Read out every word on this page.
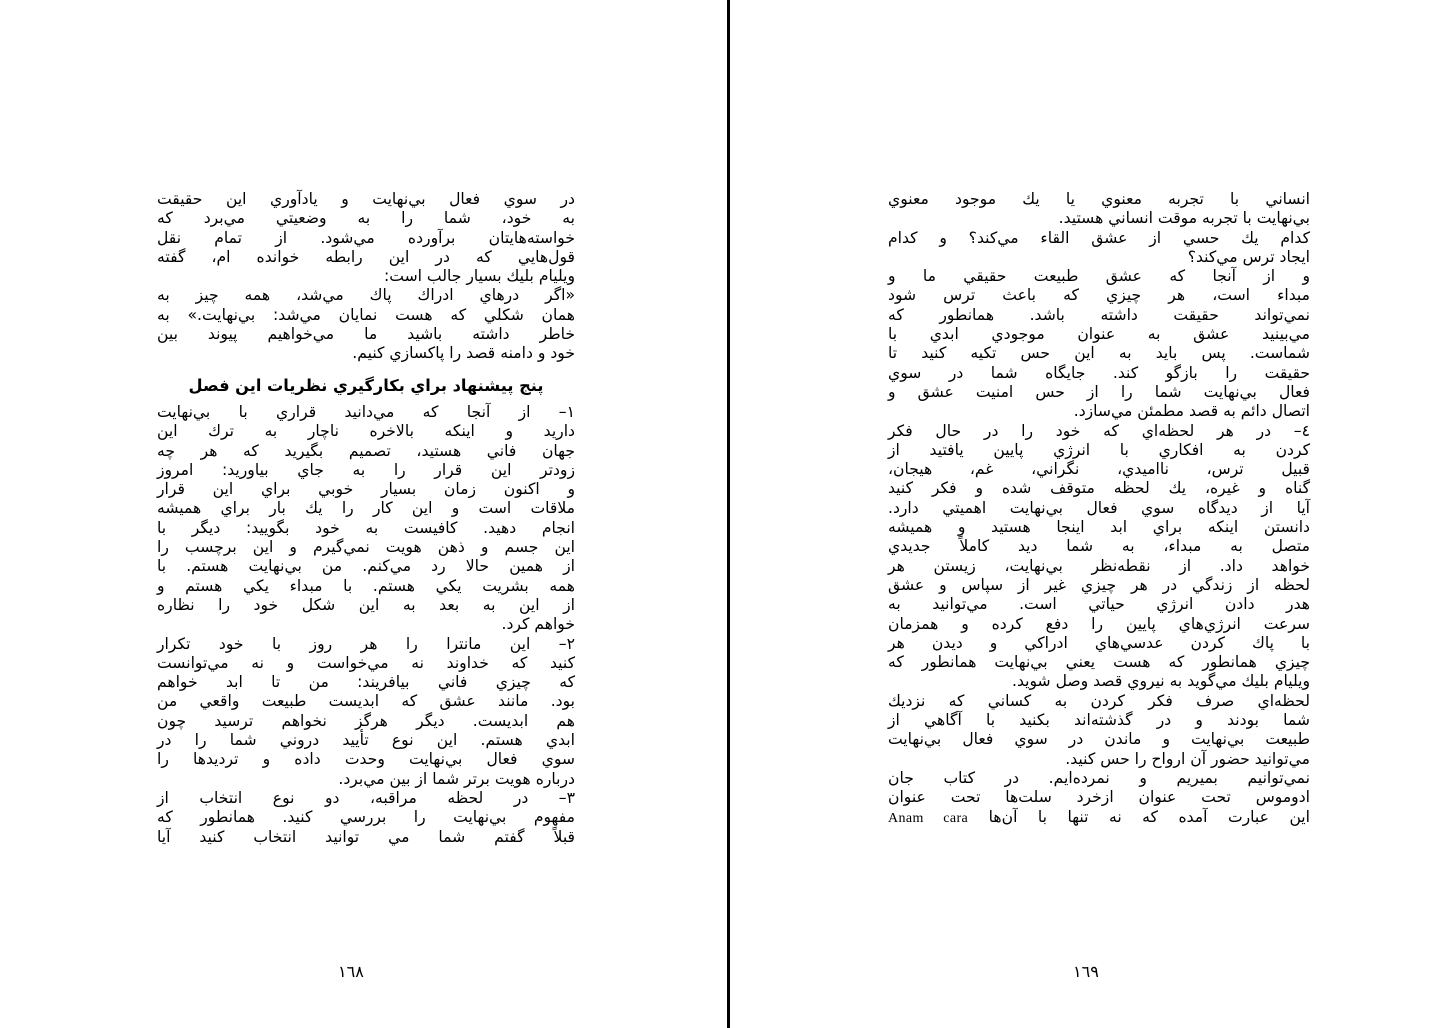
در سوي فعال بي‌نهايت و يادآوري اين حقيقت
به خود، شما را به وضعيتي مي‌برد كه
خواسته‌هايتان برآورده مي‌شود. از تمام نقل
قول‌هايي كه در اين رابطه خوانده ام، گفته
ويليام بليك بسيار جالب است:
«اگر درهاي ادراك پاك مي‌شد، همه چيز به
همان شكلي كه هست نمايان مي‌شد: بي‌نهايت.» به
خاطر داشته باشيد ما مي‌خواهيم پيوند بين
خود و دامنه قصد را پاكسازي كنيم.
پنج پيشنهاد براي بكارگيري نظريات اين فصل
١– از آنجا كه مي‌دانيد قراري با بي‌نهايت
داريد و اينكه بالاخره ناچار به ترك اين
جهان فاني هستيد، تصميم بگيريد كه هر چه
زودتر اين قرار را به جاي بياوريد: امروز
و اكنون زمان بسيار خوبي براي اين قرار
ملاقات است و اين كار را يك بار براي هميشه
انجام دهيد. كافيست به خود بگوييد: ديگر با
اين جسم و ذهن هويت نمي‌گيرم و اين برچسب را
از همين حالا رد مي‌كنم. من بي‌نهايت هستم. با
همه بشريت يكي هستم. با مبداء يكي هستم و
از اين به بعد به اين شكل خود را نظاره
خواهم كرد.
٢– اين مانترا را هر روز با خود تكرار
كنيد كه خداوند نه مي‌خواست و نه مي‌توانست
كه چيزي فاني بيافريند: من تا ابد خواهم
بود. مانند عشق كه ابديست طبيعت واقعي من
هم ابديست. ديگر هرگز نخواهم ترسيد چون
ابدي هستم. اين نوع تأييد دروني شما را در
سوي فعال بي‌نهايت وحدت داده و ترديدها را
درباره هويت برتر شما از بين مي‌برد.
٣– در لحظه مراقبه، دو نوع انتخاب از
مفهوم بي‌نهايت را بررسي كنيد. همانطور كه
قبلاً گفتم شما مي توانيد انتخاب كنيد آيا
١٦٨
انساني با تجربه معنوي يا يك موجود معنوي
بي‌نهايت با تجربه موقت انساني هستيد.
كدام يك حسي از عشق القاء مي‌كند؟ و كدام
ايجاد ترس مي‌كند؟
و از آنجا كه عشق طبيعت حقيقي ما و
مبداء است، هر چيزي كه باعث ترس شود
نمي‌تواند حقيقت داشته باشد. همانطور كه
مي‌بينيد عشق به عنوان موجودي ابدي با
شماست. پس بايد به اين حس تكيه كنيد تا
حقيقت را بازگو كند. جايگاه شما در سوي
فعال بي‌نهايت شما را از حس امنيت عشق و
اتصال دائم به قصد مطمئن مي‌سازد.
٤– در هر لحظه‌اي كه خود را در حال فكر
كردن به افكاري با انرژي پايين يافتيد از
قبيل ترس، نااميدي، نگراني، غم، هيجان،
گناه و غيره، يك لحظه متوقف شده و فكر كنيد
آيا از ديدگاه سوي فعال بي‌نهايت اهميتي دارد.
دانستن اينكه براي ابد اينجا هستيد و هميشه
متصل به مبداء، به شما ديد كاملاً جديدي
خواهد داد. از نقطه‌نظر بي‌نهايت، زيستن هر
لحظه از زندگي در هر چيزي غير از سپاس و عشق
هدر دادن انرژي حياتي است. مي‌توانيد به
سرعت انرژي‌هاي پايين را دفع كرده و همزمان
با پاك كردن عدسي‌هاي ادراكي و ديدن هر
چيزي همانطور كه هست يعني بي‌نهايت همانطور كه
ويليام بليك مي‌گويد به نيروي قصد وصل شويد.
لحظه‌اي صرف فكر كردن به كساني كه نزديك
شما بودند و در گذشته‌اند بكنيد با آگاهي از
طبيعت بي‌نهايت و ماندن در سوي فعال بي‌نهايت
مي‌توانيد حضور آن ارواح را حس كنيد.
نمي‌توانيم بميريم و نمرده‌ايم. در كتاب جان
ادوموس تحت عنوان ازخرد سلت‌ها تحت عنوان
اين عبارت آمده كه نه تنها با آن‌ها Anam cara
١٦٩
